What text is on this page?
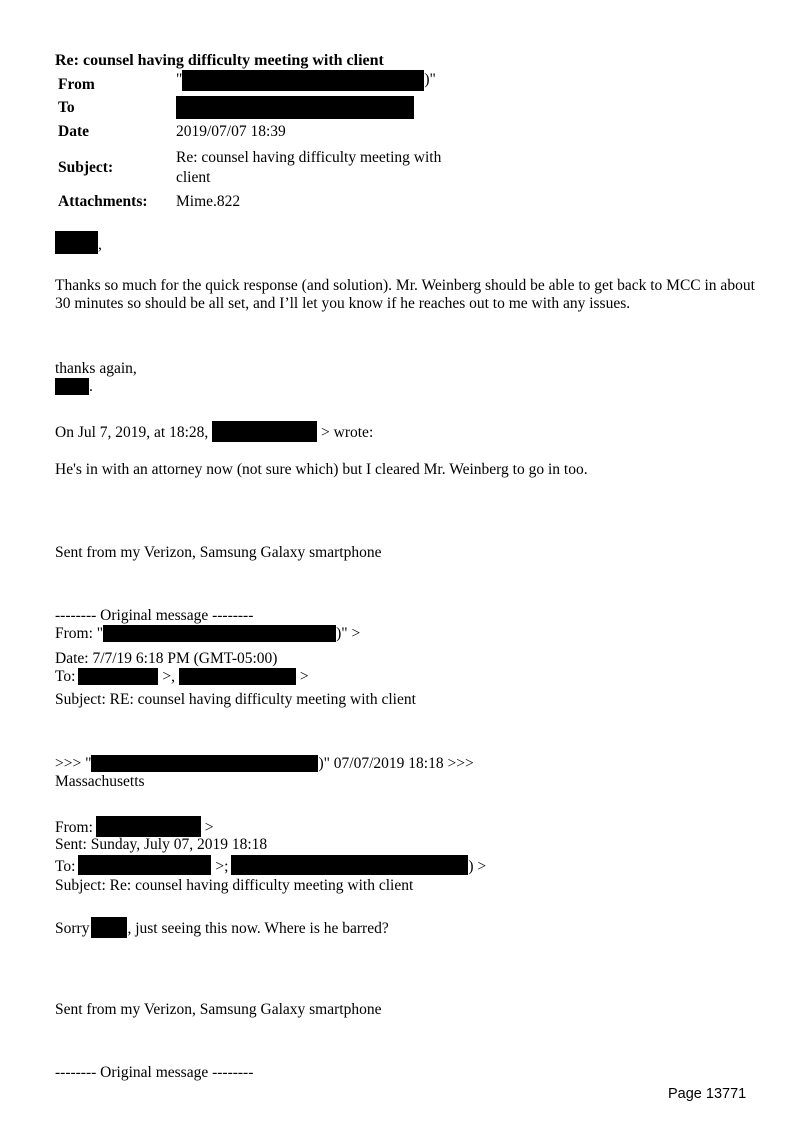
Re: counsel having difficulty meeting with client
From	"	)"
To
Date	2019/07/07 18:39
Subject:
Re: counsel having difficulty meeting with
client
Attachments: Mime.822
,
Thanks so much for the quick response (and solution). Mr. Weinberg should be able to get back to MCC in about 30 minutes so should be all set, and I’ll let you know if he reaches out to me with any issues.
thanks again,
.
On Jul 7, 2019, at 18:28,	> wrote:
He's in with an attorney now (not sure which) but I cleared Mr. Weinberg to go in too.
Sent from my Verizon, Samsung Galaxy smartphone
-------- Original message --------
From: "	)" >
Date: 7/7/19 6:18 PM (GMT-05:00)
To:	>,	>
Subject: RE: counsel having difficulty meeting with client
>>> "	)" 07/07/2019 18:18 >>>
Massachusetts
From:	>
Sent: Sunday, July 07, 2019 18:18
To:	>;	) >
Subject: Re: counsel having difficulty meeting with client
Sorry , just seeing this now. Where is he barred?
Sent from my Verizon, Samsung Galaxy smartphone
-------- Original message --------
Page 13771
